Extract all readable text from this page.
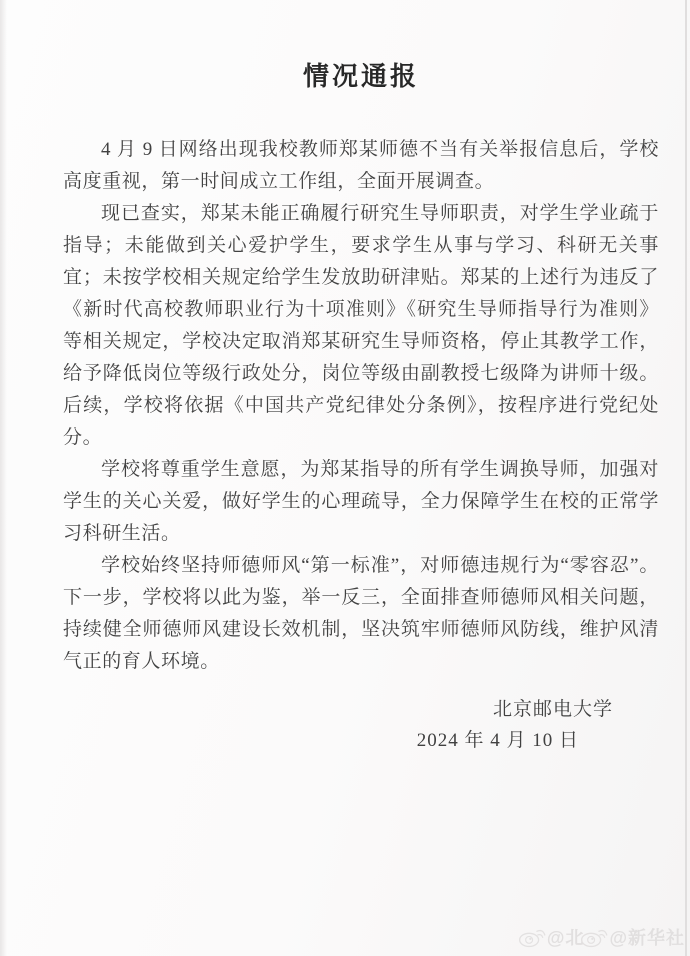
情况通报

4 月 9 日网络出现我校教师郑某师德不当有关举报信息后，学校高度重视，第一时间成立工作组，全面开展调查。

现已查实，郑某未能正确履行研究生导师职责，对学生学业疏于指导；未能做到关心爱护学生，要求学生从事与学习、科研无关事宜；未按学校相关规定给学生发放助研津贴。郑某的上述行为违反了《新时代高校教师职业行为十项准则》《研究生导师指导行为准则》等相关规定，学校决定取消郑某研究生导师资格，停止其教学工作，给予降低岗位等级行政处分，岗位等级由副教授七级降为讲师十级。后续，学校将依据《中国共产党纪律处分条例》，按程序进行党纪处分。

学校将尊重学生意愿，为郑某指导的所有学生调换导师，加强对学生的关心关爱，做好学生的心理疏导，全力保障学生在校的正常学习科研生活。

学校始终坚持师德师风“第一标准”，对师德违规行为“零容忍”。下一步，学校将以此为鉴，举一反三，全面排查师德师风相关问题，持续健全师德师风建设长效机制，坚决筑牢师德师风防线，维护风清气正的育人环境。

北京邮电大学
2024 年 4 月 10 日
@北 @新华社
